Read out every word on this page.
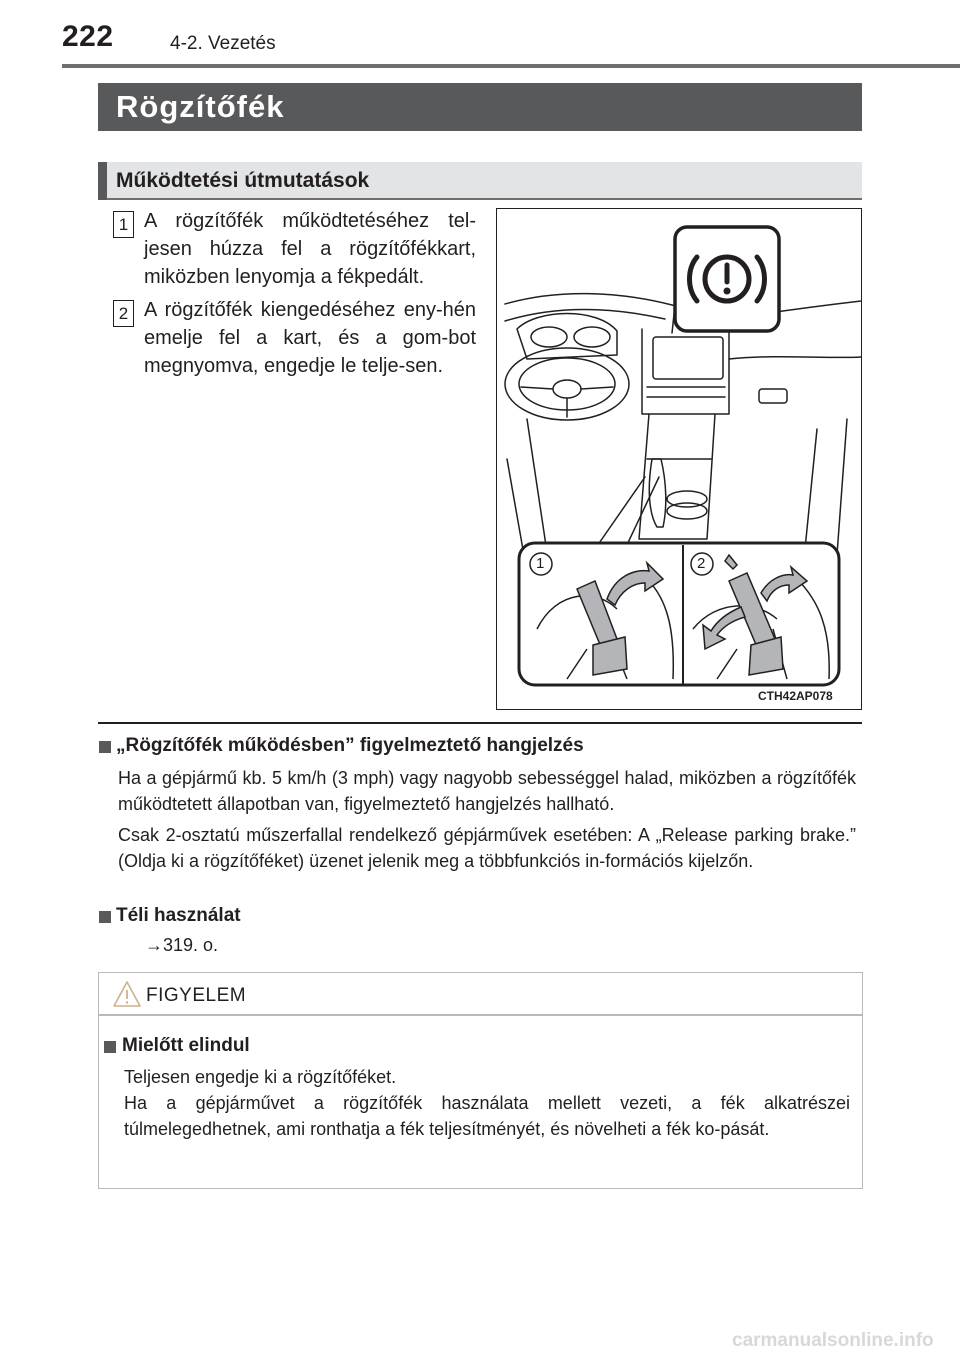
222	4-2. Vezetés
Rögzítőfék
Működtetési útmutatások
1 A rögzítőfék működtetéséhez tel-jesen húzza fel a rögzítőfékkart, miközben lenyomja a fékpedált.
2 A rögzítőfék kiengedéséhez eny-hén emelje fel a kart, és a gom-bot megnyomva, engedje le telje-sen.
1	2
CTH42AP078
„Rögzítőfék működésben” figyelmeztető hangjelzés
Ha a gépjármű kb. 5 km/h (3 mph) vagy nagyobb sebességgel halad, miközben a rögzítőfék működtetett állapotban van, figyelmeztető hangjelzés hallható.
Csak 2-osztatú műszerfallal rendelkező gépjárművek esetében: A „Release parking brake.” (Oldja ki a rögzítőféket) üzenet jelenik meg a többfunkciós in-formációs kijelzőn.
Téli használat
→319. o.
FIGYELEM
Mielőtt elindul
Teljesen engedje ki a rögzítőféket.
Ha a gépjárművet a rögzítőfék használata mellett vezeti, a fék alkatrészei túlmelegedhetnek, ami ronthatja a fék teljesítményét, és növelheti a fék ko-pását.
carmanualsonline.info
